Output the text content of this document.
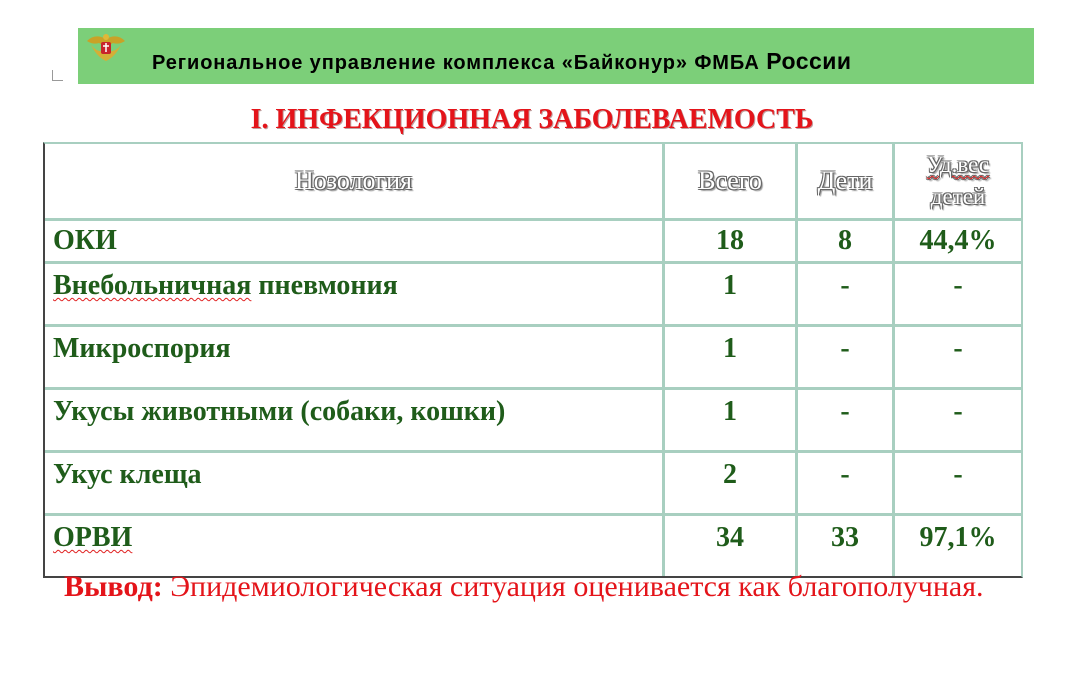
Региональное управление комплекса «Байконур» ФМБА России
I. ИНФЕКЦИОННАЯ ЗАБОЛЕВАЕМОСТЬ
Нозология	Всего	Дети	Уд.вес
детей
ОКИ	18	8	44,4%
Внебольничная пневмония	1	-	-
Микроспория	1	-	-
Укусы животными (собаки, кошки)	1	-	-
Укус клеща	2	-	-
ОРВИ	34	33	97,1%
Вывод: Эпидемиологическая ситуация оценивается как благополучная.
